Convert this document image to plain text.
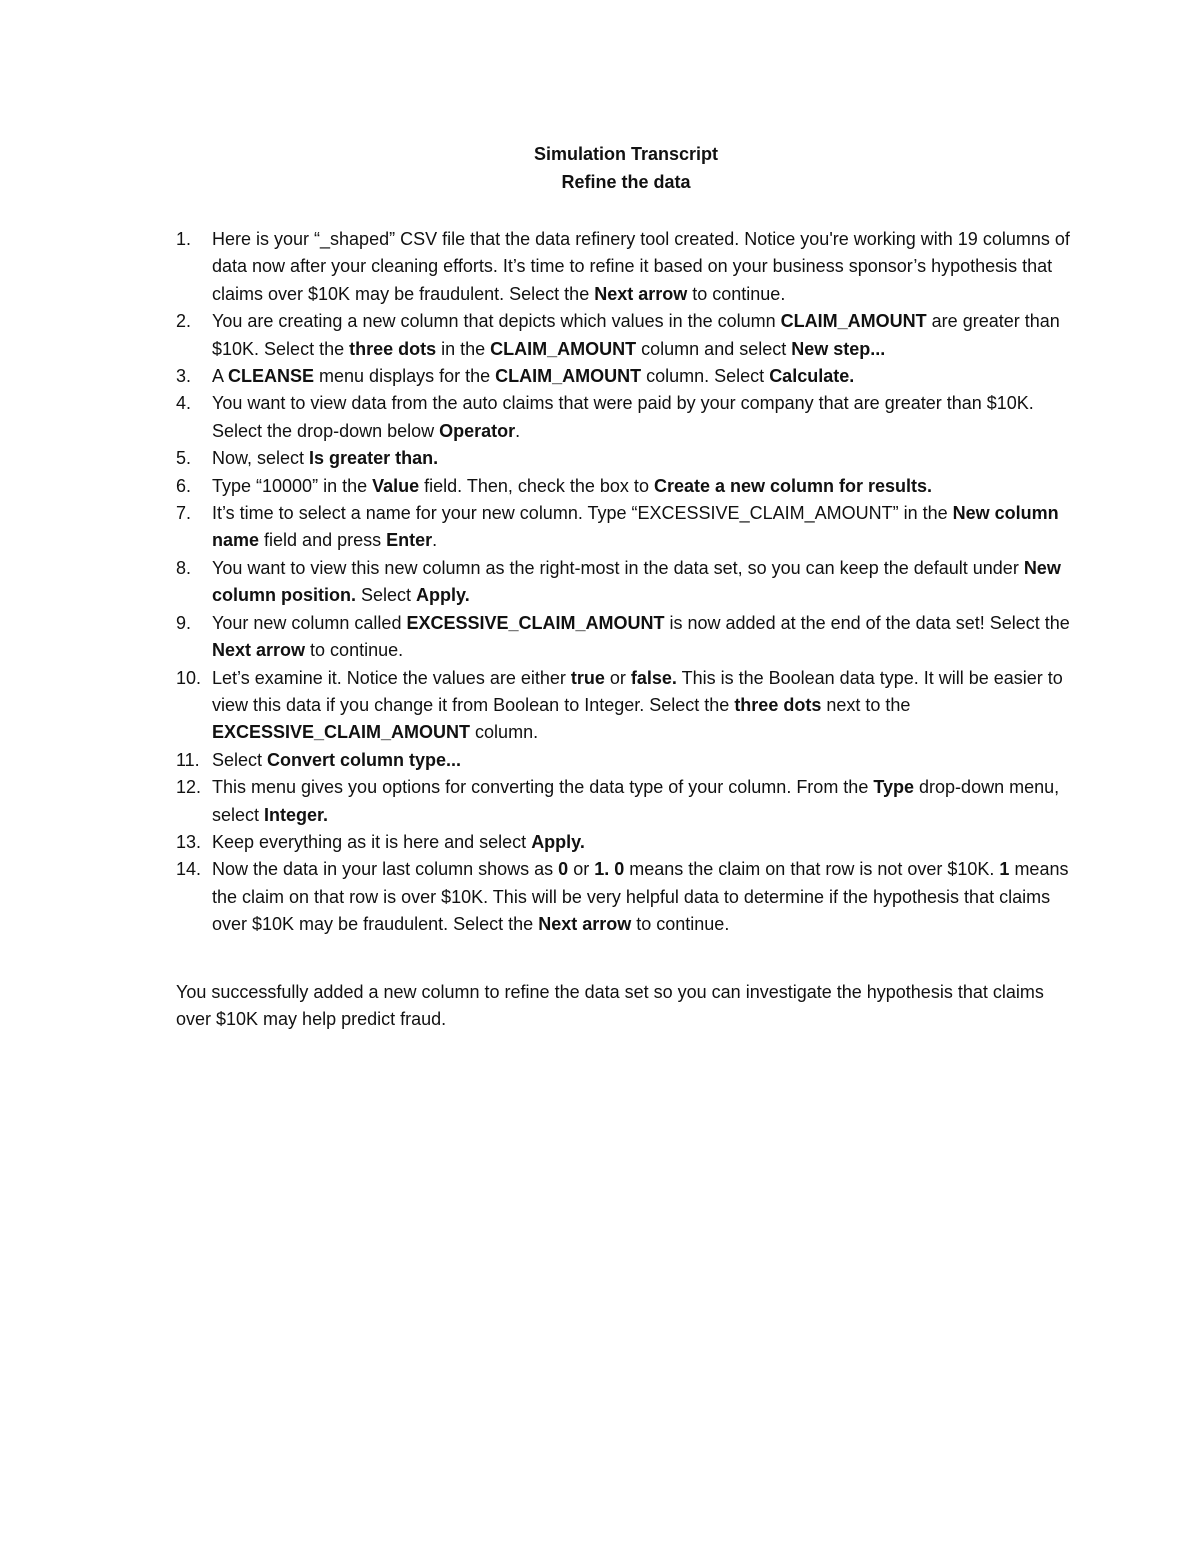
Simulation Transcript
Refine the data
1.	Here is your “_shaped” CSV file that the data refinery tool created. Notice you're working with 19 columns of data now after your cleaning efforts. It’s time to refine it based on your business sponsor’s hypothesis that claims over $10K may be fraudulent. Select the Next arrow to continue.
2.	You are creating a new column that depicts which values in the column CLAIM_AMOUNT are greater than $10K. Select the three dots in the CLAIM_AMOUNT column and select New step...
3.	A CLEANSE menu displays for the CLAIM_AMOUNT column. Select Calculate.
4.	You want to view data from the auto claims that were paid by your company that are greater than $10K. Select the drop-down below Operator.
5.	Now, select Is greater than.
6.	Type “10000” in the Value field. Then, check the box to Create a new column for results.
7.	It’s time to select a name for your new column. Type “EXCESSIVE_CLAIM_AMOUNT” in the New column name field and press Enter.
8.	You want to view this new column as the right-most in the data set, so you can keep the default under New column position. Select Apply.
9.	Your new column called EXCESSIVE_CLAIM_AMOUNT is now added at the end of the data set! Select the Next arrow to continue.
10. Let’s examine it. Notice the values are either true or false. This is the Boolean data type. It will be easier to view this data if you change it from Boolean to Integer. Select the three dots next to the EXCESSIVE_CLAIM_AMOUNT column.
11. Select Convert column type...
12. This menu gives you options for converting the data type of your column. From the Type drop-down menu, select Integer.
13. Keep everything as it is here and select Apply.
14. Now the data in your last column shows as 0 or 1. 0 means the claim on that row is not over $10K. 1 means the claim on that row is over $10K. This will be very helpful data to determine if the hypothesis that claims over $10K may be fraudulent. Select the Next arrow to continue.

You successfully added a new column to refine the data set so you can investigate the hypothesis that claims over $10K may help predict fraud.
